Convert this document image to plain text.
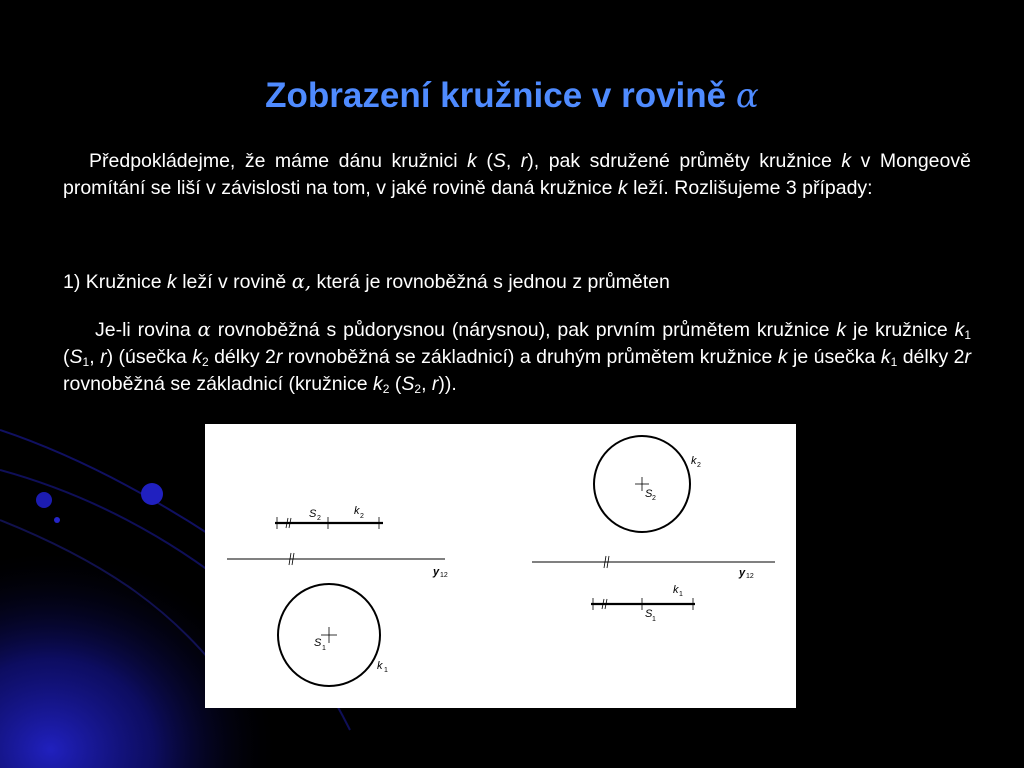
Zobrazení kružnice v rovině α
Předpokládejme, že máme dánu kružnici k (S, r), pak sdružené průměty kružnice k v Mongeově promítání se liší v závislosti na tom, v jaké rovině daná kružnice k leží. Rozlišujeme 3 případy:
1) Kružnice k leží v rovině α, která je rovnoběžná s jednou z průměten
Je-li rovina α rovnoběžná s půdorysnou (nárysnou), pak prvním průmětem kružnice k je kružnice $k_1$ ($S_1$, r) (úsečka $k_2$ délky 2r rovnoběžná se základnicí) a druhým průmětem kružnice k je úsečka $k_1$ délky 2r rovnoběžná se základnicí (kružnice $k_2$ ($S_2$, r)).
S 2
k 2
y 12
S 1
k 1
S 2
k 2
y 12
k 1
S 1
